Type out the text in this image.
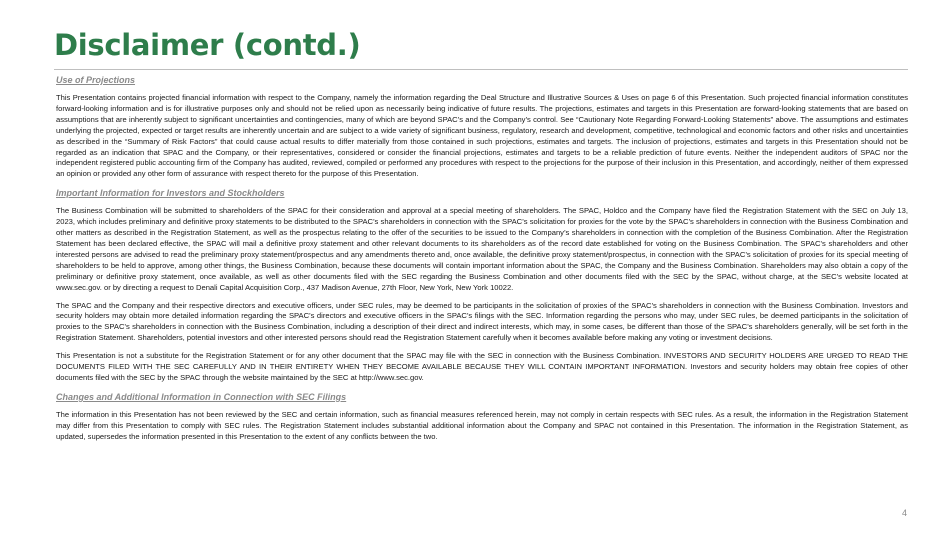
Disclaimer (contd.)
Use of Projections

This Presentation contains projected financial information with respect to the Company, namely the information regarding the Deal Structure and Illustrative Sources & Uses on page 6 of this Presentation. Such projected financial information constitutes forward-looking information and is for illustrative purposes only and should not be relied upon as necessarily being indicative of future results. The projections, estimates and targets in this Presentation are forward-looking statements that are based on assumptions that are inherently subject to significant uncertainties and contingencies, many of which are beyond SPAC’s and the Company’s control. See “Cautionary Note Regarding Forward-Looking Statements” above. The assumptions and estimates underlying the projected, expected or target results are inherently uncertain and are subject to a wide variety of significant business, regulatory, research and development, competitive, technological and economic factors and other risks and uncertainties as described in the “Summary of Risk Factors” that could cause actual results to differ materially from those contained in such projections, estimates and targets. The inclusion of projections, estimates and targets in this Presentation should not be regarded as an indication that SPAC and the Company, or their representatives, considered or consider the financial projections, estimates and targets to be a reliable prediction of future events. Neither the independent auditors of SPAC nor the independent registered public accounting firm of the Company has audited, reviewed, compiled or performed any procedures with respect to the projections for the purpose of their inclusion in this Presentation, and accordingly, neither of them expressed an opinion or provided any other form of assurance with respect thereto for the purpose of this Presentation.

Important Information for Investors and Stockholders

The Business Combination will be submitted to shareholders of the SPAC for their consideration and approval at a special meeting of shareholders. The SPAC, Holdco and the Company have filed the Registration Statement with the SEC on July 13, 2023, which includes preliminary and definitive proxy statements to be distributed to the SPAC’s shareholders in connection with the SPAC’s solicitation for proxies for the vote by the SPAC’s shareholders in connection with the Business Combination and other matters as described in the Registration Statement, as well as the prospectus relating to the offer of the securities to be issued to the Company’s shareholders in connection with the completion of the Business Combination. After the Registration Statement has been declared effective, the SPAC will mail a definitive proxy statement and other relevant documents to its shareholders as of the record date established for voting on the Business Combination. The SPAC’s shareholders and other interested persons are advised to read the preliminary proxy statement/prospectus and any amendments thereto and, once available, the definitive proxy statement/prospectus, in connection with the SPAC’s solicitation of proxies for its special meeting of shareholders to be held to approve, among other things, the Business Combination, because these documents will contain important information about the SPAC, the Company and the Business Combination. Shareholders may also obtain a copy of the preliminary or definitive proxy statement, once available, as well as other documents filed with the SEC regarding the Business Combination and other documents filed with the SEC by the SPAC, without charge, at the SEC’s website located at www.sec.gov. or by directing a request to Denali Capital Acquisition Corp., 437 Madison Avenue, 27th Floor, New York, New York 10022.

The SPAC and the Company and their respective directors and executive officers, under SEC rules, may be deemed to be participants in the solicitation of proxies of the SPAC’s shareholders in connection with the Business Combination. Investors and security holders may obtain more detailed information regarding the SPAC’s directors and executive officers in the SPAC’s filings with the SEC. Information regarding the persons who may, under SEC rules, be deemed participants in the solicitation of proxies to the SPAC’s shareholders in connection with the Business Combination, including a description of their direct and indirect interests, which may, in some cases, be different than those of the SPAC’s shareholders generally, will be set forth in the Registration Statement. Shareholders, potential investors and other interested persons should read the Registration Statement carefully when it becomes available before making any voting or investment decisions.

This Presentation is not a substitute for the Registration Statement or for any other document that the SPAC may file with the SEC in connection with the Business Combination. INVESTORS AND SECURITY HOLDERS ARE URGED TO READ THE DOCUMENTS FILED WITH THE SEC CAREFULLY AND IN THEIR ENTIRETY WHEN THEY BECOME AVAILABLE BECAUSE THEY WILL CONTAIN IMPORTANT INFORMATION. Investors and security holders may obtain free copies of other documents filed with the SEC by the SPAC through the website maintained by the SEC at http://www.sec.gov.

Changes and Additional Information in Connection with SEC Filings

The information in this Presentation has not been reviewed by the SEC and certain information, such as financial measures referenced herein, may not comply in certain respects with SEC rules. As a result, the information in the Registration Statement may differ from this Presentation to comply with SEC rules. The Registration Statement includes substantial additional information about the Company and SPAC not contained in this Presentation. The information in the Registration Statement, as updated, supersedes the information presented in this Presentation to the extent of any conflicts between the two.

4
